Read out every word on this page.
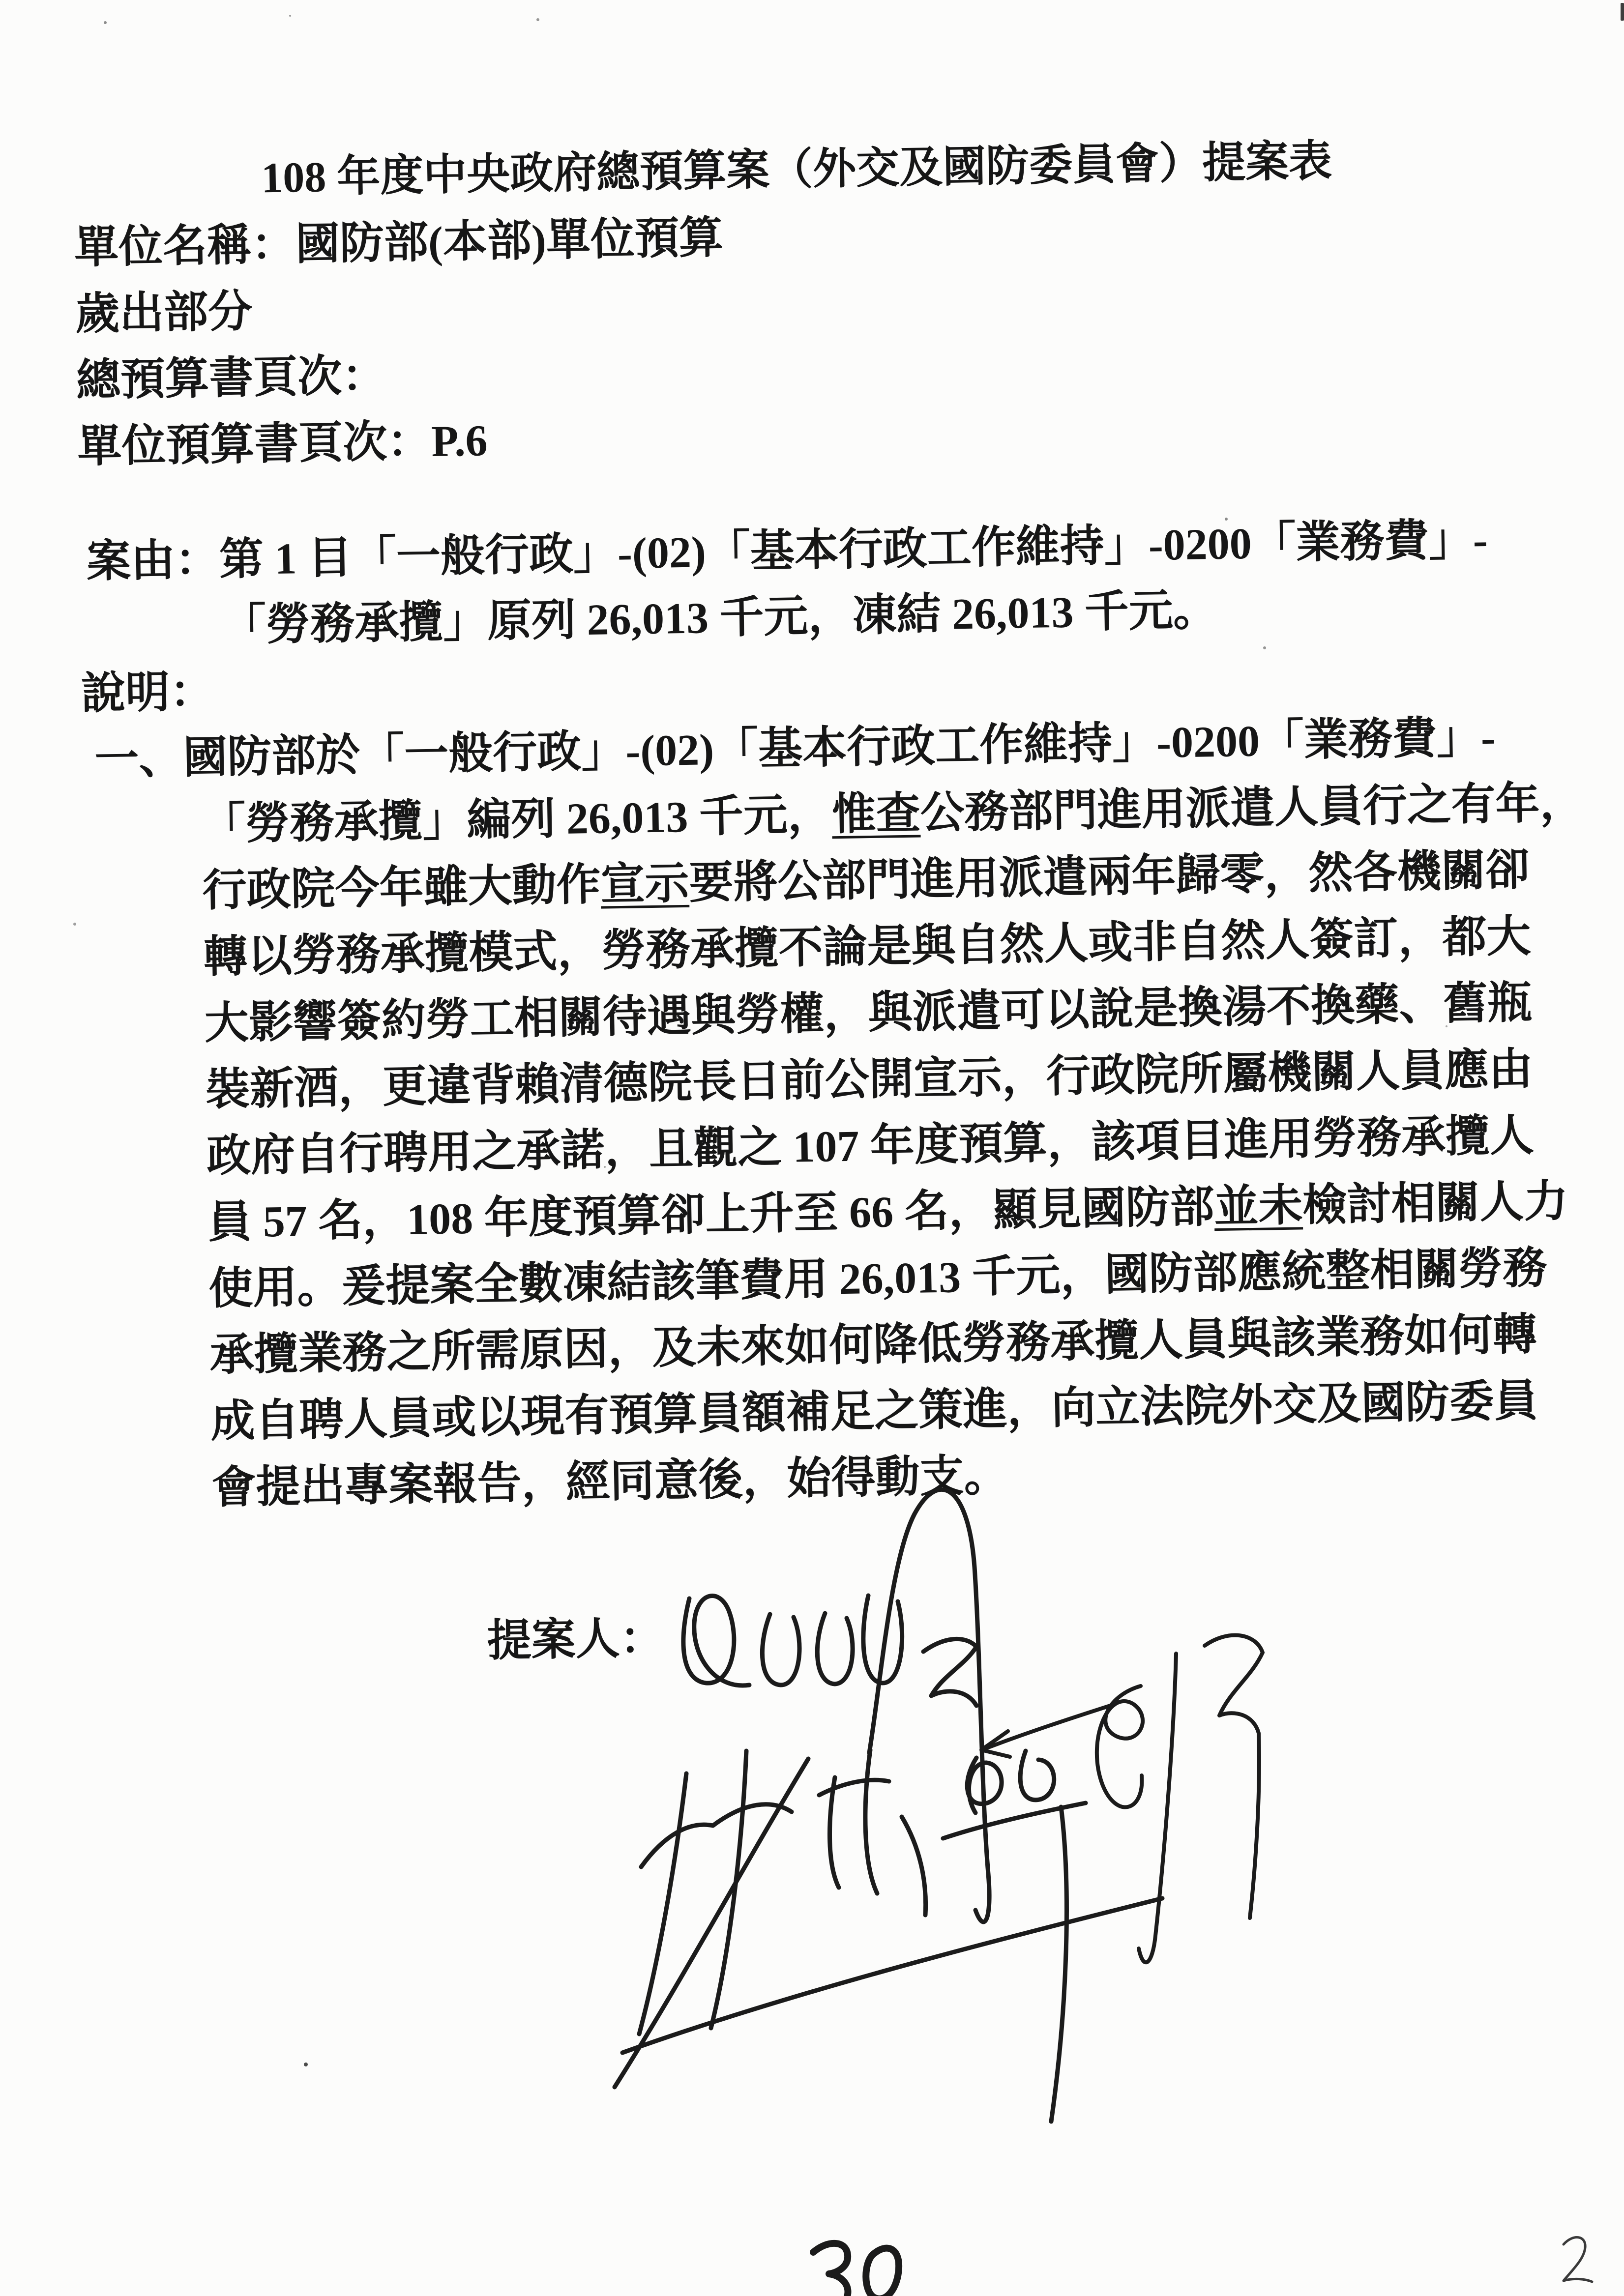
108 年度中央政府總預算案（外交及國防委員會）提案表
單位名稱：國防部(本部)單位預算
歲出部分
總預算書頁次：
單位預算書頁次：P.6
案由：第 1 目「一般行政」-(02)「基本行政工作維持」-0200「業務費」-
「勞務承攬」原列 26,013 千元，凍結 26,013 千元。
說明：
一、國防部於「一般行政」-(02)「基本行政工作維持」-0200「業務費」-
「勞務承攬」編列 26,013 千元，惟查公務部門進用派遣人員行之有年，
行政院今年雖大動作宣示要將公部門進用派遣兩年歸零，然各機關卻
轉以勞務承攬模式，勞務承攬不論是與自然人或非自然人簽訂，都大
大影響簽約勞工相關待遇與勞權，與派遣可以說是換湯不換藥、舊瓶
裝新酒，更違背賴清德院長日前公開宣示，行政院所屬機關人員應由
政府自行聘用之承諾，且觀之 107 年度預算，該項目進用勞務承攬人
員 57 名，108 年度預算卻上升至 66 名，顯見國防部並未檢討相關人力
使用。爰提案全數凍結該筆費用 26,013 千元，國防部應統整相關勞務
承攬業務之所需原因，及未來如何降低勞務承攬人員與該業務如何轉
成自聘人員或以現有預算員額補足之策進，向立法院外交及國防委員
會提出專案報告，經同意後，始得動支。
提案人：
